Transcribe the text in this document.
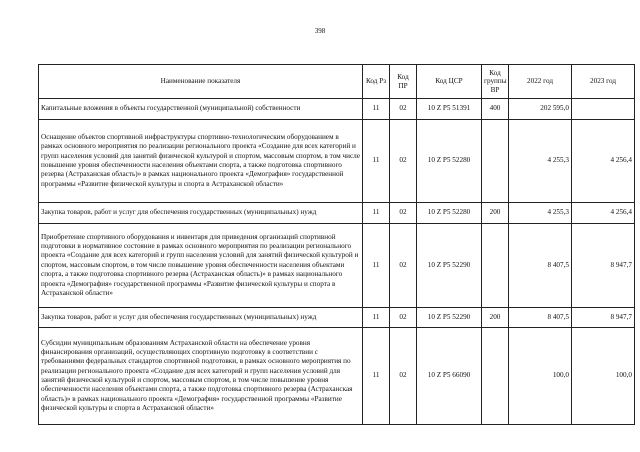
398
Наименование показателя	Код Рз	Код ПР	Код ЦСР	Код группы ВР	2022 год	2023 год
Капитальные вложения в объекты государственной (муниципальной) собственности	11	02	10 Z P5 51391	400	202 595,0	
Оснащение объектов спортивной инфраструктуры спортивно-технологическим оборудованием в рамках основного мероприятия по реализации регионального проекта «Создание для всех категорий и групп населения условий для занятий физической культурой и спортом, массовым спортом, в том числе повышение уровня обеспеченности населения объектами спорта, а также подготовка спортивного резерва (Астраханская область)» в рамках национального проекта «Демография» государственной программы «Развитие физической культуры и спорта в Астраханской области»	11	02	10 Z P5 52280		4 255,3	4 256,4
Закупка товаров, работ и услуг для обеспечения государственных (муниципальных) нужд	11	02	10 Z P5 52280	200	4 255,3	4 256,4
Приобретение спортивного оборудования и инвентаря для приведения организаций спортивной подготовки в нормативное состояние в рамках основного мероприятия по реализации регионального проекта «Создание для всех категорий и групп населения условий для занятий физической культурой и спортом, массовым спортом, в том числе повышение уровня обеспеченности населения объектами спорта, а также подготовка спортивного резерва (Астраханская область)» в рамках национального проекта «Демография» государственной программы «Развитие физической культуры и спорта в Астраханской области»	11	02	10 Z P5 52290		8 407,5	8 947,7
Закупка товаров, работ и услуг для обеспечения государственных (муниципальных) нужд	11	02	10 Z P5 52290	200	8 407,5	8 947,7
Субсидии муниципальным образованиям Астраханской области на обеспечение уровня финансирования организаций, осуществляющих спортивную подготовку в соответствии с требованиями федеральных стандартов спортивной подготовки, в рамках основного мероприятия по реализации регионального проекта «Создание для всех категорий и групп населения условий для занятий физической культурой и спортом, массовым спортом, в том числе повышение уровня обеспеченности населения объектами спорта, а также подготовка спортивного резерва (Астраханская область)» в рамках национального проекта «Демография» государственной программы «Развитие физической культуры и спорта в Астраханской области»	11	02	10 Z P5 66090		100,0	100,0
